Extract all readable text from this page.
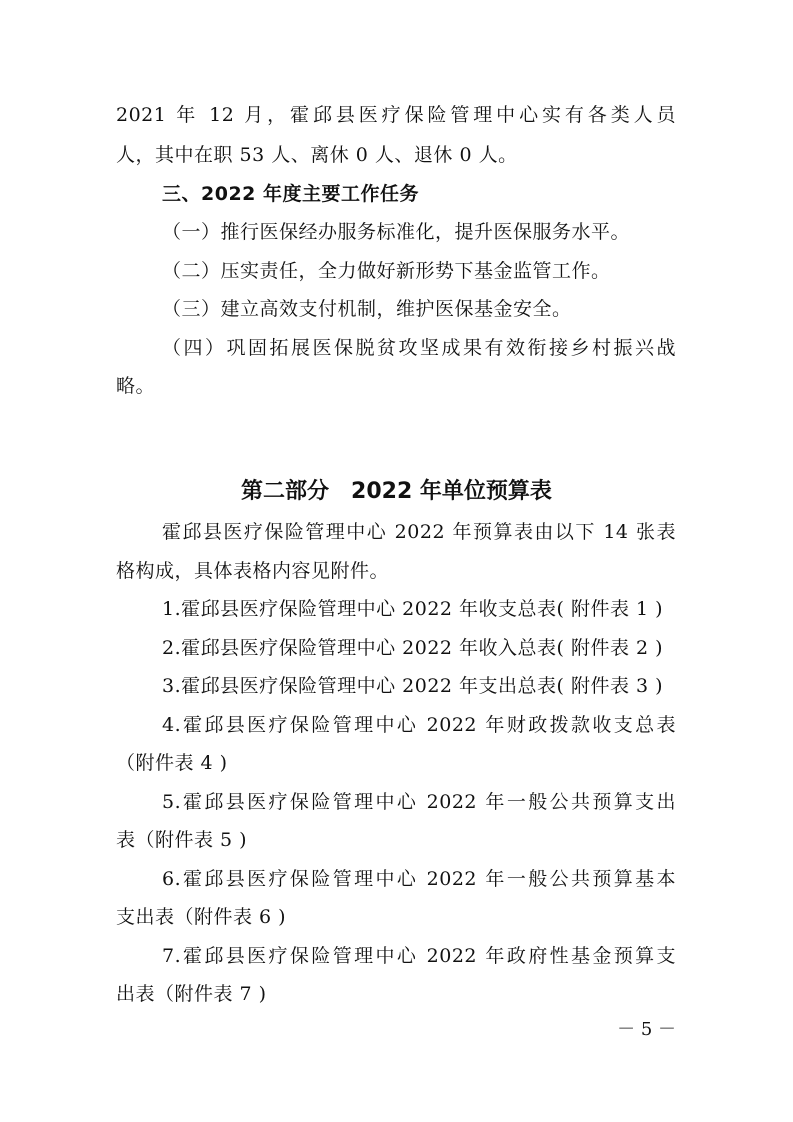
2021 年 12 月，霍邱县医疗保险管理中心实有各类人员
人，其中在职 53 人、离休 0 人、退休 0 人。
三、2022 年度主要工作任务
（一）推行医保经办服务标准化，提升医保服务水平。
（二）压实责任，全力做好新形势下基金监管工作。
（三）建立高效支付机制，维护医保基金安全。
（四）巩固拓展医保脱贫攻坚成果有效衔接乡村振兴战
略。
第二部分　2022 年单位预算表
霍邱县医疗保险管理中心 2022 年预算表由以下 14 张表
格构成，具体表格内容见附件。
1.霍邱县医疗保险管理中心 2022 年收支总表( 附件表 1 )
2.霍邱县医疗保险管理中心 2022 年收入总表( 附件表 2 )
3.霍邱县医疗保险管理中心 2022 年支出总表( 附件表 3 )
4.霍邱县医疗保险管理中心 2022 年财政拨款收支总表
（附件表 4 )
5.霍邱县医疗保险管理中心 2022 年一般公共预算支出
表（附件表 5 )
6.霍邱县医疗保险管理中心 2022 年一般公共预算基本
支出表（附件表 6 )
7.霍邱县医疗保险管理中心 2022 年政府性基金预算支
出表（附件表 7 )
－ 5 －
